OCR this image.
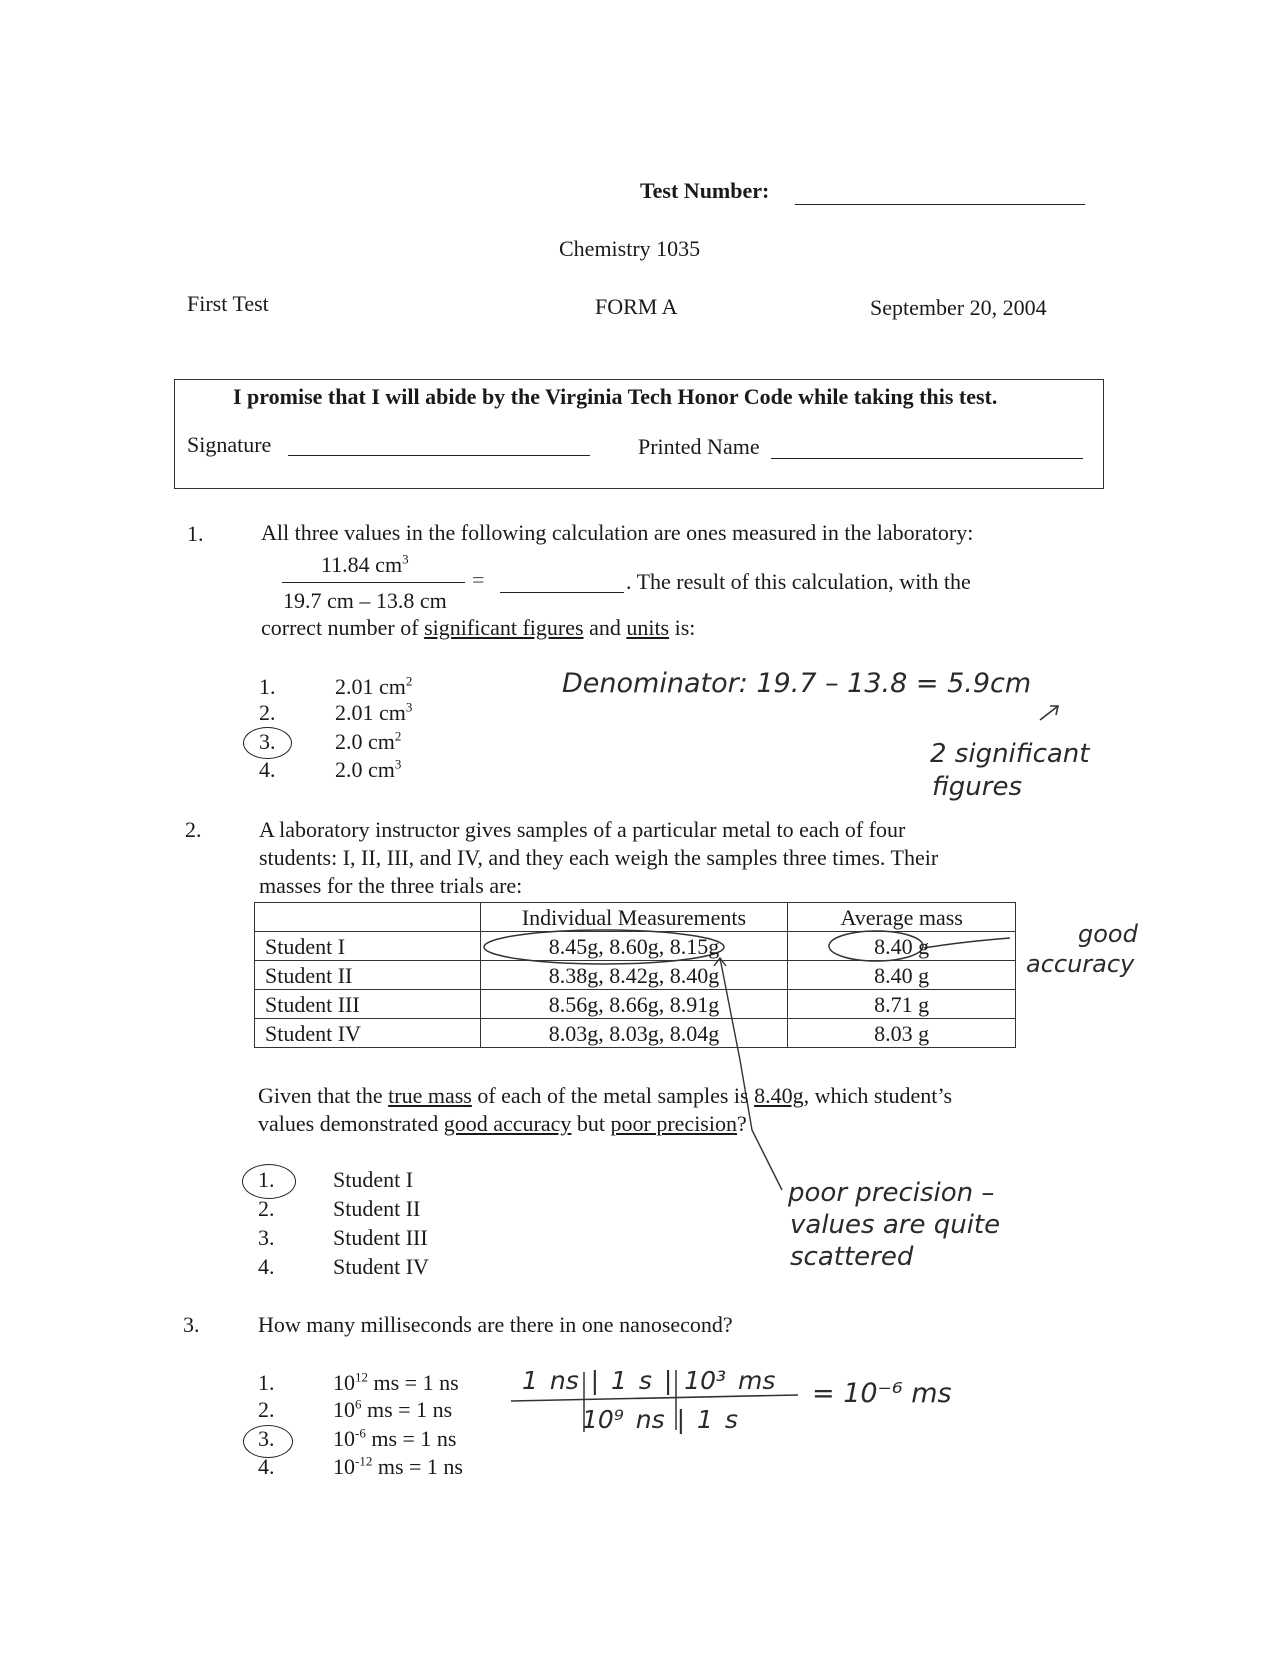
Test Number:
Chemistry 1035
First Test	FORM A	September 20, 2004
I promise that I will abide by the Virginia Tech Honor Code while taking this test.
Signature	Printed Name
1.	All three values in the following calculation are ones measured in the laboratory:
11.84 $cm^3$
19.7 cm – 13.8 cm
=	. The result of this calculation, with the
correct number of significant figures and units is:
1.	2.01 $cm^2$
2.	2.01 $cm^3$
3.	2.0 $cm^2$
4.	2.0 $cm^3$
Denominator: 19.7 – 13.8 = 5.9cm
2 significant
figures
2.	A laboratory instructor gives samples of a particular metal to each of four
students: I, II, III, and IV, and they each weigh the samples three times. Their
masses for the three trials are:
	Individual Measurements	Average mass
Student I	8.45g, 8.60g, 8.15g	8.40 g
Student II	8.38g, 8.42g, 8.40g	8.40 g
Student III	8.56g, 8.66g, 8.91g	8.71 g
Student IV	8.03g, 8.03g, 8.04g	8.03 g
good
accuracy
Given that the true mass of each of the metal samples is 8.40g, which student’s
values demonstrated good accuracy but poor precision?
1.	Student I
2.	Student II
3.	Student III
4.	Student IV
poor precision –
values are quite
scattered
3.	How many milliseconds are there in one nanosecond?
1.	$10^{12}$ ms = 1 ns
2.	$10^6$ ms = 1 ns
3.	$10^{-6}$ ms = 1 ns
4.	$10^{-12}$ ms = 1 ns
1 ns | 1 s | 10³ ms
10⁹ ns | 1 s
= 10⁻⁶ ms
